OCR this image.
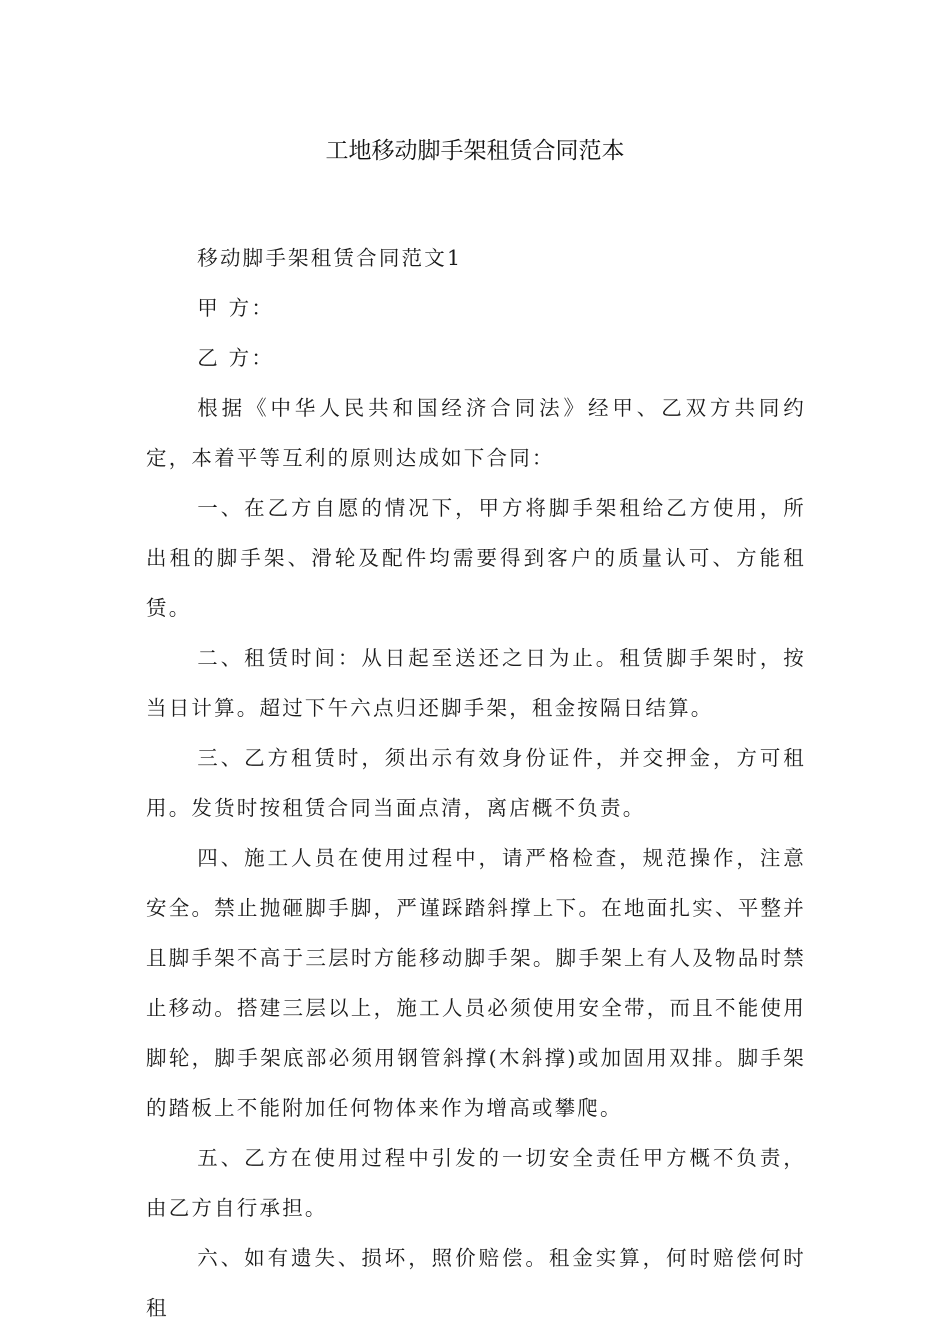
工地移动脚手架租赁合同范本

移动脚手架租赁合同范文1

甲 方：

乙 方：

根据《中华人民共和国经济合同法》经甲、乙双方共同约定，本着平等互利的原则达成如下合同：

一、在乙方自愿的情况下，甲方将脚手架租给乙方使用，所出租的脚手架、滑轮及配件均需要得到客户的质量认可、方能租赁。

二、租赁时间：从日起至送还之日为止。租赁脚手架时，按当日计算。超过下午六点归还脚手架，租金按隔日结算。

三、乙方租赁时，须出示有效身份证件，并交押金，方可租用。发货时按租赁合同当面点清，离店概不负责。

四、施工人员在使用过程中，请严格检查，规范操作，注意安全。禁止抛砸脚手脚，严谨踩踏斜撑上下。在地面扎实、平整并且脚手架不高于三层时方能移动脚手架。脚手架上有人及物品时禁止移动。搭建三层以上，施工人员必须使用安全带，而且不能使用脚轮，脚手架底部必须用钢管斜撑(木斜撑)或加固用双排。脚手架的踏板上不能附加任何物体来作为增高或攀爬。

五、乙方在使用过程中引发的一切安全责任甲方概不负责，由乙方自行承担。

六、如有遗失、损坏，照价赔偿。租金实算，何时赔偿何时租
